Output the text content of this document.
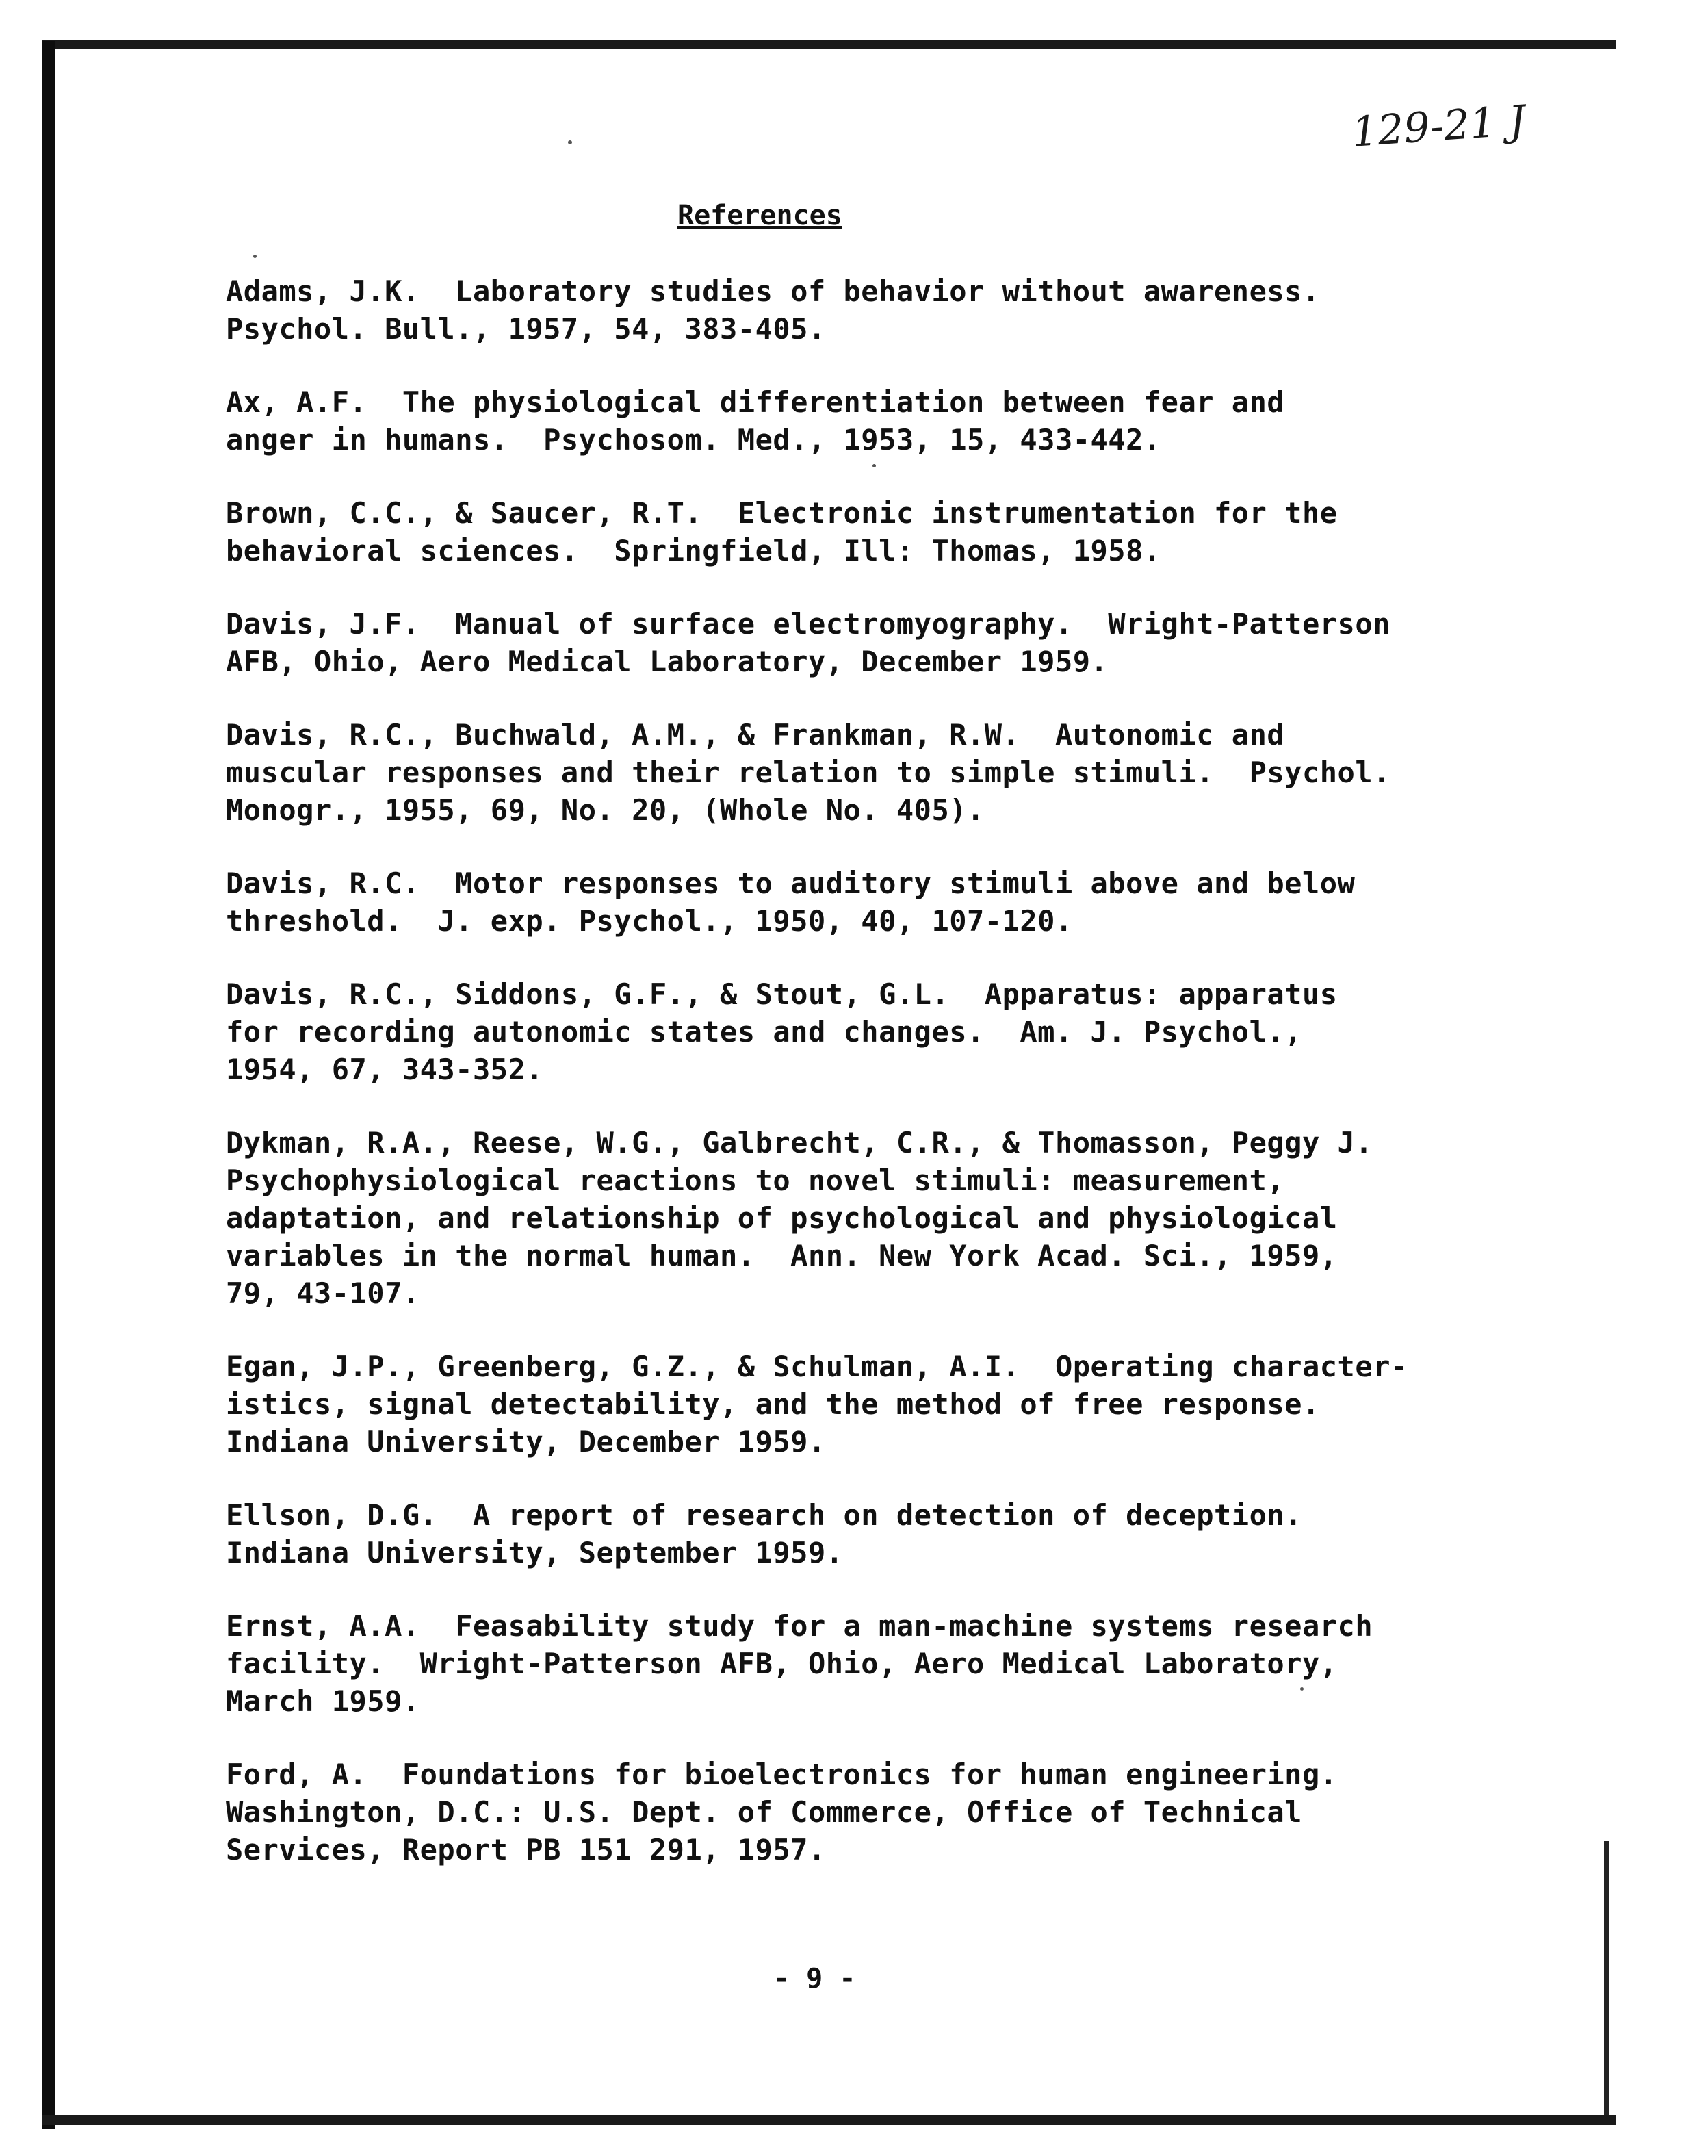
129-21 J
References
Adams, J.K.  Laboratory studies of behavior without awareness.
Psychol. Bull., 1957, 54, 383-405.
Ax, A.F.  The physiological differentiation between fear and
anger in humans.  Psychosom. Med., 1953, 15, 433-442.
Brown, C.C., & Saucer, R.T.  Electronic instrumentation for the
behavioral sciences.  Springfield, Ill: Thomas, 1958.
Davis, J.F.  Manual of surface electromyography.  Wright-Patterson
AFB, Ohio, Aero Medical Laboratory, December 1959.
Davis, R.C., Buchwald, A.M., & Frankman, R.W.  Autonomic and
muscular responses and their relation to simple stimuli.  Psychol.
Monogr., 1955, 69, No. 20, (Whole No. 405).
Davis, R.C.  Motor responses to auditory stimuli above and below
threshold.  J. exp. Psychol., 1950, 40, 107-120.
Davis, R.C., Siddons, G.F., & Stout, G.L.  Apparatus: apparatus
for recording autonomic states and changes.  Am. J. Psychol.,
1954, 67, 343-352.
Dykman, R.A., Reese, W.G., Galbrecht, C.R., & Thomasson, Peggy J.
Psychophysiological reactions to novel stimuli: measurement,
adaptation, and relationship of psychological and physiological
variables in the normal human.  Ann. New York Acad. Sci., 1959,
79, 43-107.
Egan, J.P., Greenberg, G.Z., & Schulman, A.I.  Operating character-
istics, signal detectability, and the method of free response.
Indiana University, December 1959.
Ellson, D.G.  A report of research on detection of deception.
Indiana University, September 1959.
Ernst, A.A.  Feasability study for a man-machine systems research
facility.  Wright-Patterson AFB, Ohio, Aero Medical Laboratory,
March 1959.
Ford, A.  Foundations for bioelectronics for human engineering.
Washington, D.C.: U.S. Dept. of Commerce, Office of Technical
Services, Report PB 151 291, 1957.
- 9 -
